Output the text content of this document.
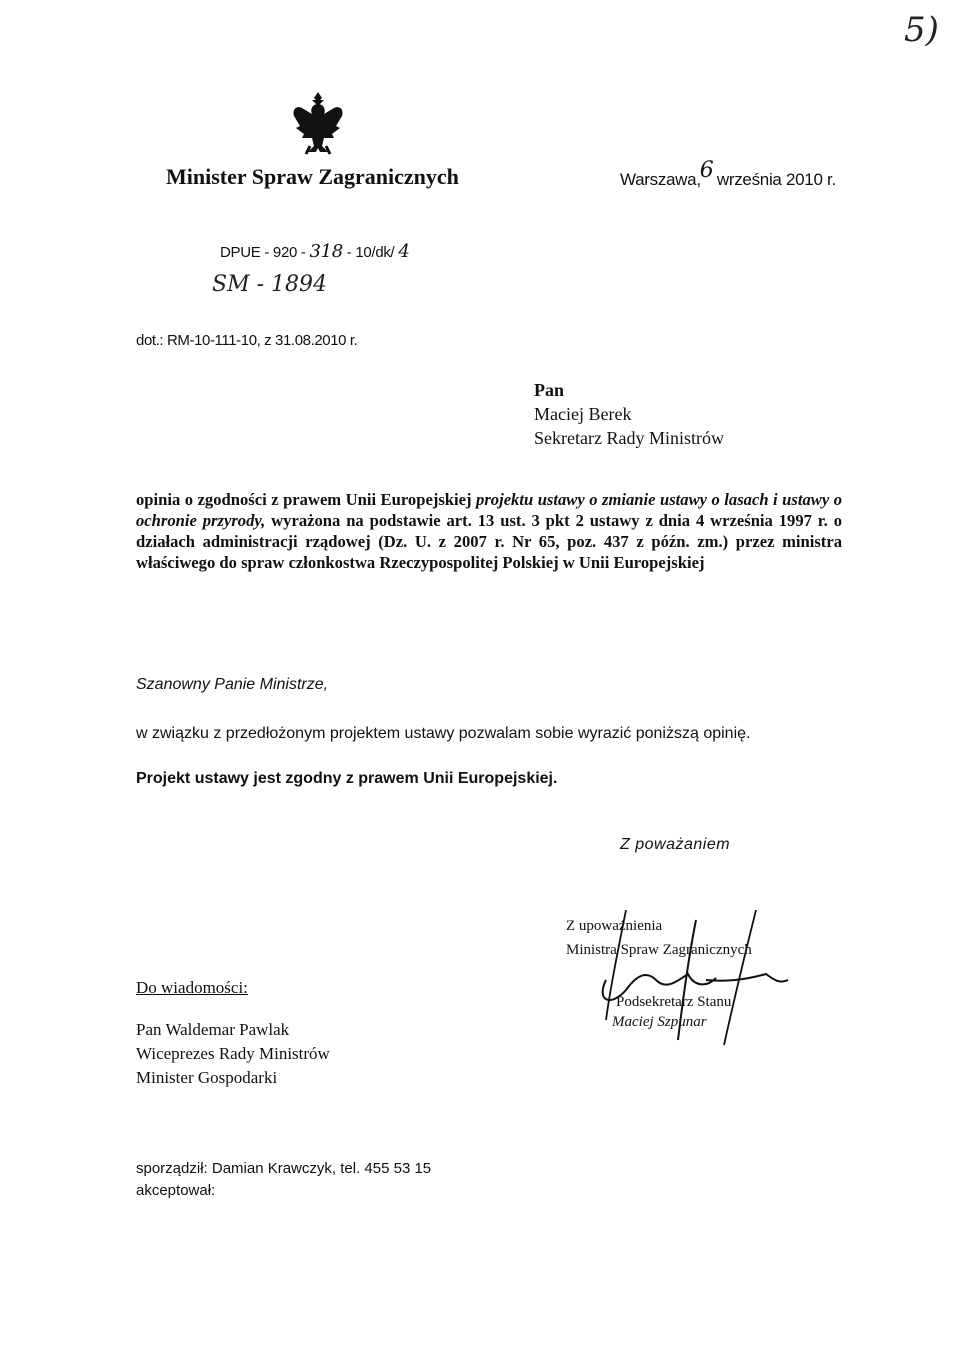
5)
Minister Spraw Zagranicznych	Warszawa,6 września 2010 r.
DPUE - 920 - 318 - 10/dk/ 4
SM - 1894
dot.: RM-10-111-10, z 31.08.2010 r.
Pan
Maciej Berek
Sekretarz Rady Ministrów
opinia o zgodności z prawem Unii Europejskiej projektu ustawy o zmianie ustawy o lasach i ustawy o ochronie przyrody, wyrażona na podstawie art. 13 ust. 3 pkt 2 ustawy z dnia 4 września 1997 r. o działach administracji rządowej (Dz. U. z 2007 r. Nr 65, poz. 437 z późn. zm.) przez ministra właściwego do spraw członkostwa Rzeczypospolitej Polskiej w Unii Europejskiej
Szanowny Panie Ministrze,
w związku z przedłożonym projektem ustawy pozwalam sobie wyrazić poniższą opinię.
Projekt ustawy jest zgodny z prawem Unii Europejskiej.
Z poważaniem
Z upoważnienia
Ministra Spraw Zagranicznych
Podsekretarz Stanu
Maciej Szpunar
Do wiadomości:
Pan Waldemar Pawlak
Wiceprezes Rady Ministrów
Minister Gospodarki
sporządził: Damian Krawczyk, tel. 455 53 15
akceptował:
